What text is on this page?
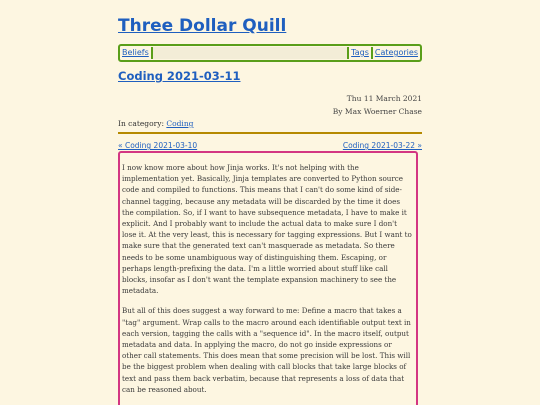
Three Dollar Quill
Beliefs	Tags Categories
Coding 2021-03-11
Thu 11 March 2021
By Max Woerner Chase
In category: Coding
« Coding 2021-03-10	Coding 2021-03-22 »

I now know more about how Jinja works. It's not helping with the implementation yet. Basically, Jinja templates are converted to Python source code and compiled to functions. This means that I can't do some kind of side-channel tagging, because any metadata will be discarded by the time it does the compilation. So, if I want to have subsequence metadata, I have to make it explicit. And I probably want to include the actual data to make sure I don't lose it. At the very least, this is necessary for tagging expressions. But I want to make sure that the generated text can't masquerade as metadata. So there needs to be some unambiguous way of distinguishing them. Escaping, or perhaps length-prefixing the data. I'm a little worried about stuff like call blocks, insofar as I don't want the template expansion machinery to see the metadata.

But all of this does suggest a way forward to me: Define a macro that takes a "tag" argument. Wrap calls to the macro around each identifiable output text in each version, tagging the calls with a "sequence id". In the macro itself, output metadata and data. In applying the macro, do not go inside expressions or other call statements. This does mean that some precision will be lost. This will be the biggest problem when dealing with call blocks that take large blocks of text and pass them back verbatim, because that represents a loss of data that can be reasoned about.
